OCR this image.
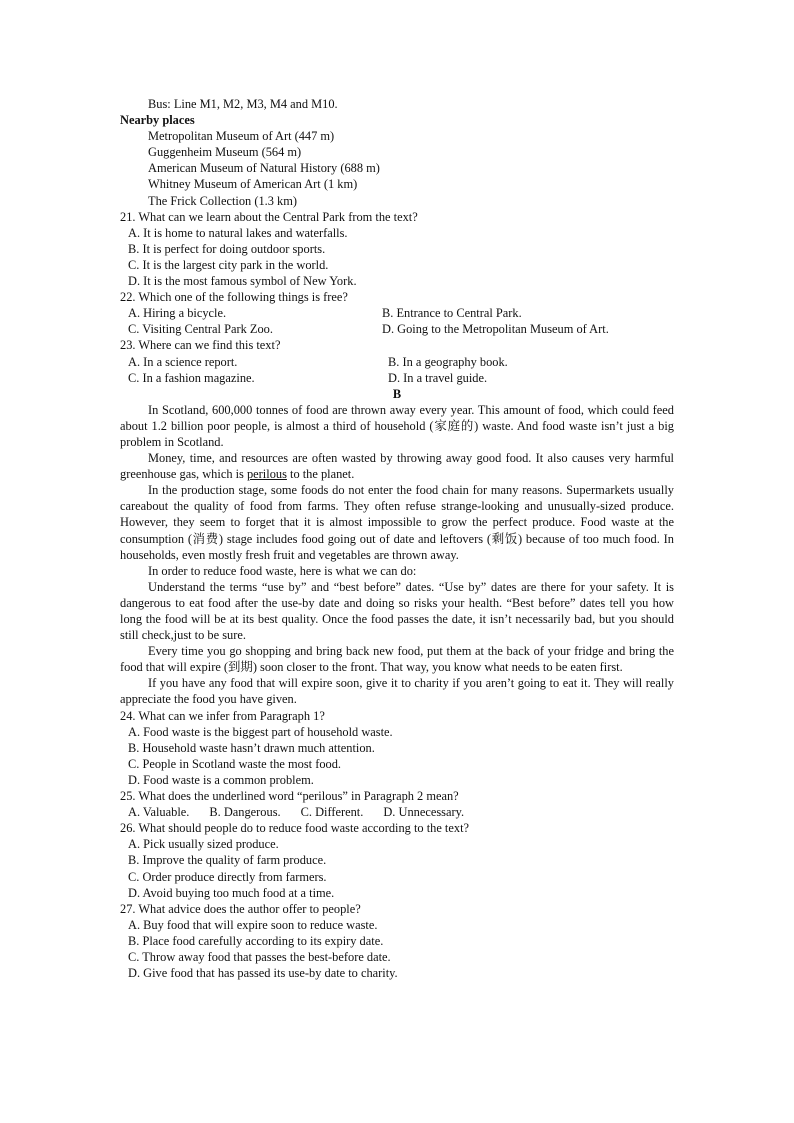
Bus: Line M1, M2, M3, M4 and M10.
Nearby places
Metropolitan Museum of Art (447 m)
Guggenheim Museum (564 m)
American Museum of Natural History (688 m)
Whitney Museum of American Art (1 km)
The Frick Collection (1.3 km)
21. What can we learn about the Central Park from the text?
A. It is home to natural lakes and waterfalls.
B. It is perfect for doing outdoor sports.
C. It is the largest city park in the world.
D. It is the most famous symbol of New York.
22. Which one of the following things is free?
A. Hiring a bicycle.	B. Entrance to Central Park.
C. Visiting Central Park Zoo.	D. Going to the Metropolitan Museum of Art.
23. Where can we find this text?
A. In a science report.	B. In a geography book.
C. In a fashion magazine.	D. In a travel guide.
B
In Scotland, 600,000 tonnes of food are thrown away every year. This amount of food, which could feed about 1.2 billion poor people, is almost a third of household (家庭的) waste. And food waste isn’t just a big problem in Scotland.
Money, time, and resources are often wasted by throwing away good food. It also causes very harmful greenhouse gas, which is perilous to the planet.
In the production stage, some foods do not enter the food chain for many reasons. Supermarkets usually careabout the quality of food from farms. They often refuse strange-looking and unusually-sized produce. However, they seem to forget that it is almost impossible to grow the perfect produce. Food waste at the consumption (消费) stage includes food going out of date and leftovers (剩饭) because of too much food. In households, even mostly fresh fruit and vegetables are thrown away.
In order to reduce food waste, here is what we can do:
Understand the terms “use by” and “best before” dates. “Use by” dates are there for your safety. It is dangerous to eat food after the use-by date and doing so risks your health. “Best before” dates tell you how long the food will be at its best quality. Once the food passes the date, it isn’t necessarily bad, but you should still check,just to be sure.
Every time you go shopping and bring back new food, put them at the back of your fridge and bring the food that will expire (到期) soon closer to the front. That way, you know what needs to be eaten first.
If you have any food that will expire soon, give it to charity if you aren’t going to eat it. They will really appreciate the food you have given.
24. What can we infer from Paragraph 1?
A. Food waste is the biggest part of household waste.
B. Household waste hasn’t drawn much attention.
C. People in Scotland waste the most food.
D. Food waste is a common problem.
25. What does the underlined word “perilous” in Paragraph 2 mean?
A. Valuable. B. Dangerous. C. Different. D. Unnecessary.
26. What should people do to reduce food waste according to the text?
A. Pick usually sized produce.
B. Improve the quality of farm produce.
C. Order produce directly from farmers.
D. Avoid buying too much food at a time.
27. What advice does the author offer to people?
A. Buy food that will expire soon to reduce waste.
B. Place food carefully according to its expiry date.
C. Throw away food that passes the best-before date.
D. Give food that has passed its use-by date to charity.
